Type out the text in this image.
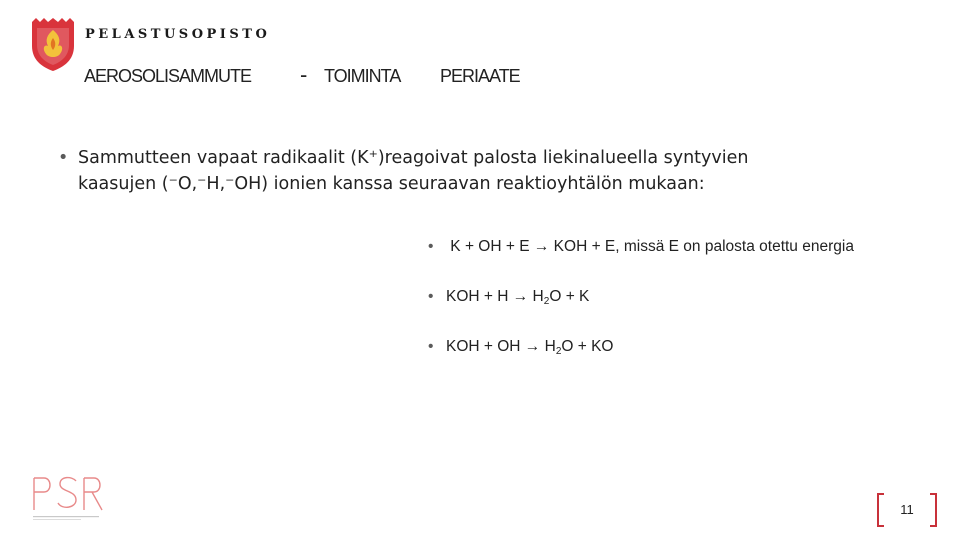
PELASTUSOPISTO
AEROSOLISAMMUTE - TOIMINTA PERIAATE
• Sammutteen vapaat radikaalit (K⁺)reagoivat palosta liekinalueella syntyvien kaasujen (⁻O,⁻H,⁻OH) ionien kanssa seuraavan reaktioyhtälön mukaan:
• K + OH + E → KOH + E, missä E on palosta otettu energia
• KOH + $H \to H_2O + K$
• KOH + OH → $H_2O$ + KO
11
